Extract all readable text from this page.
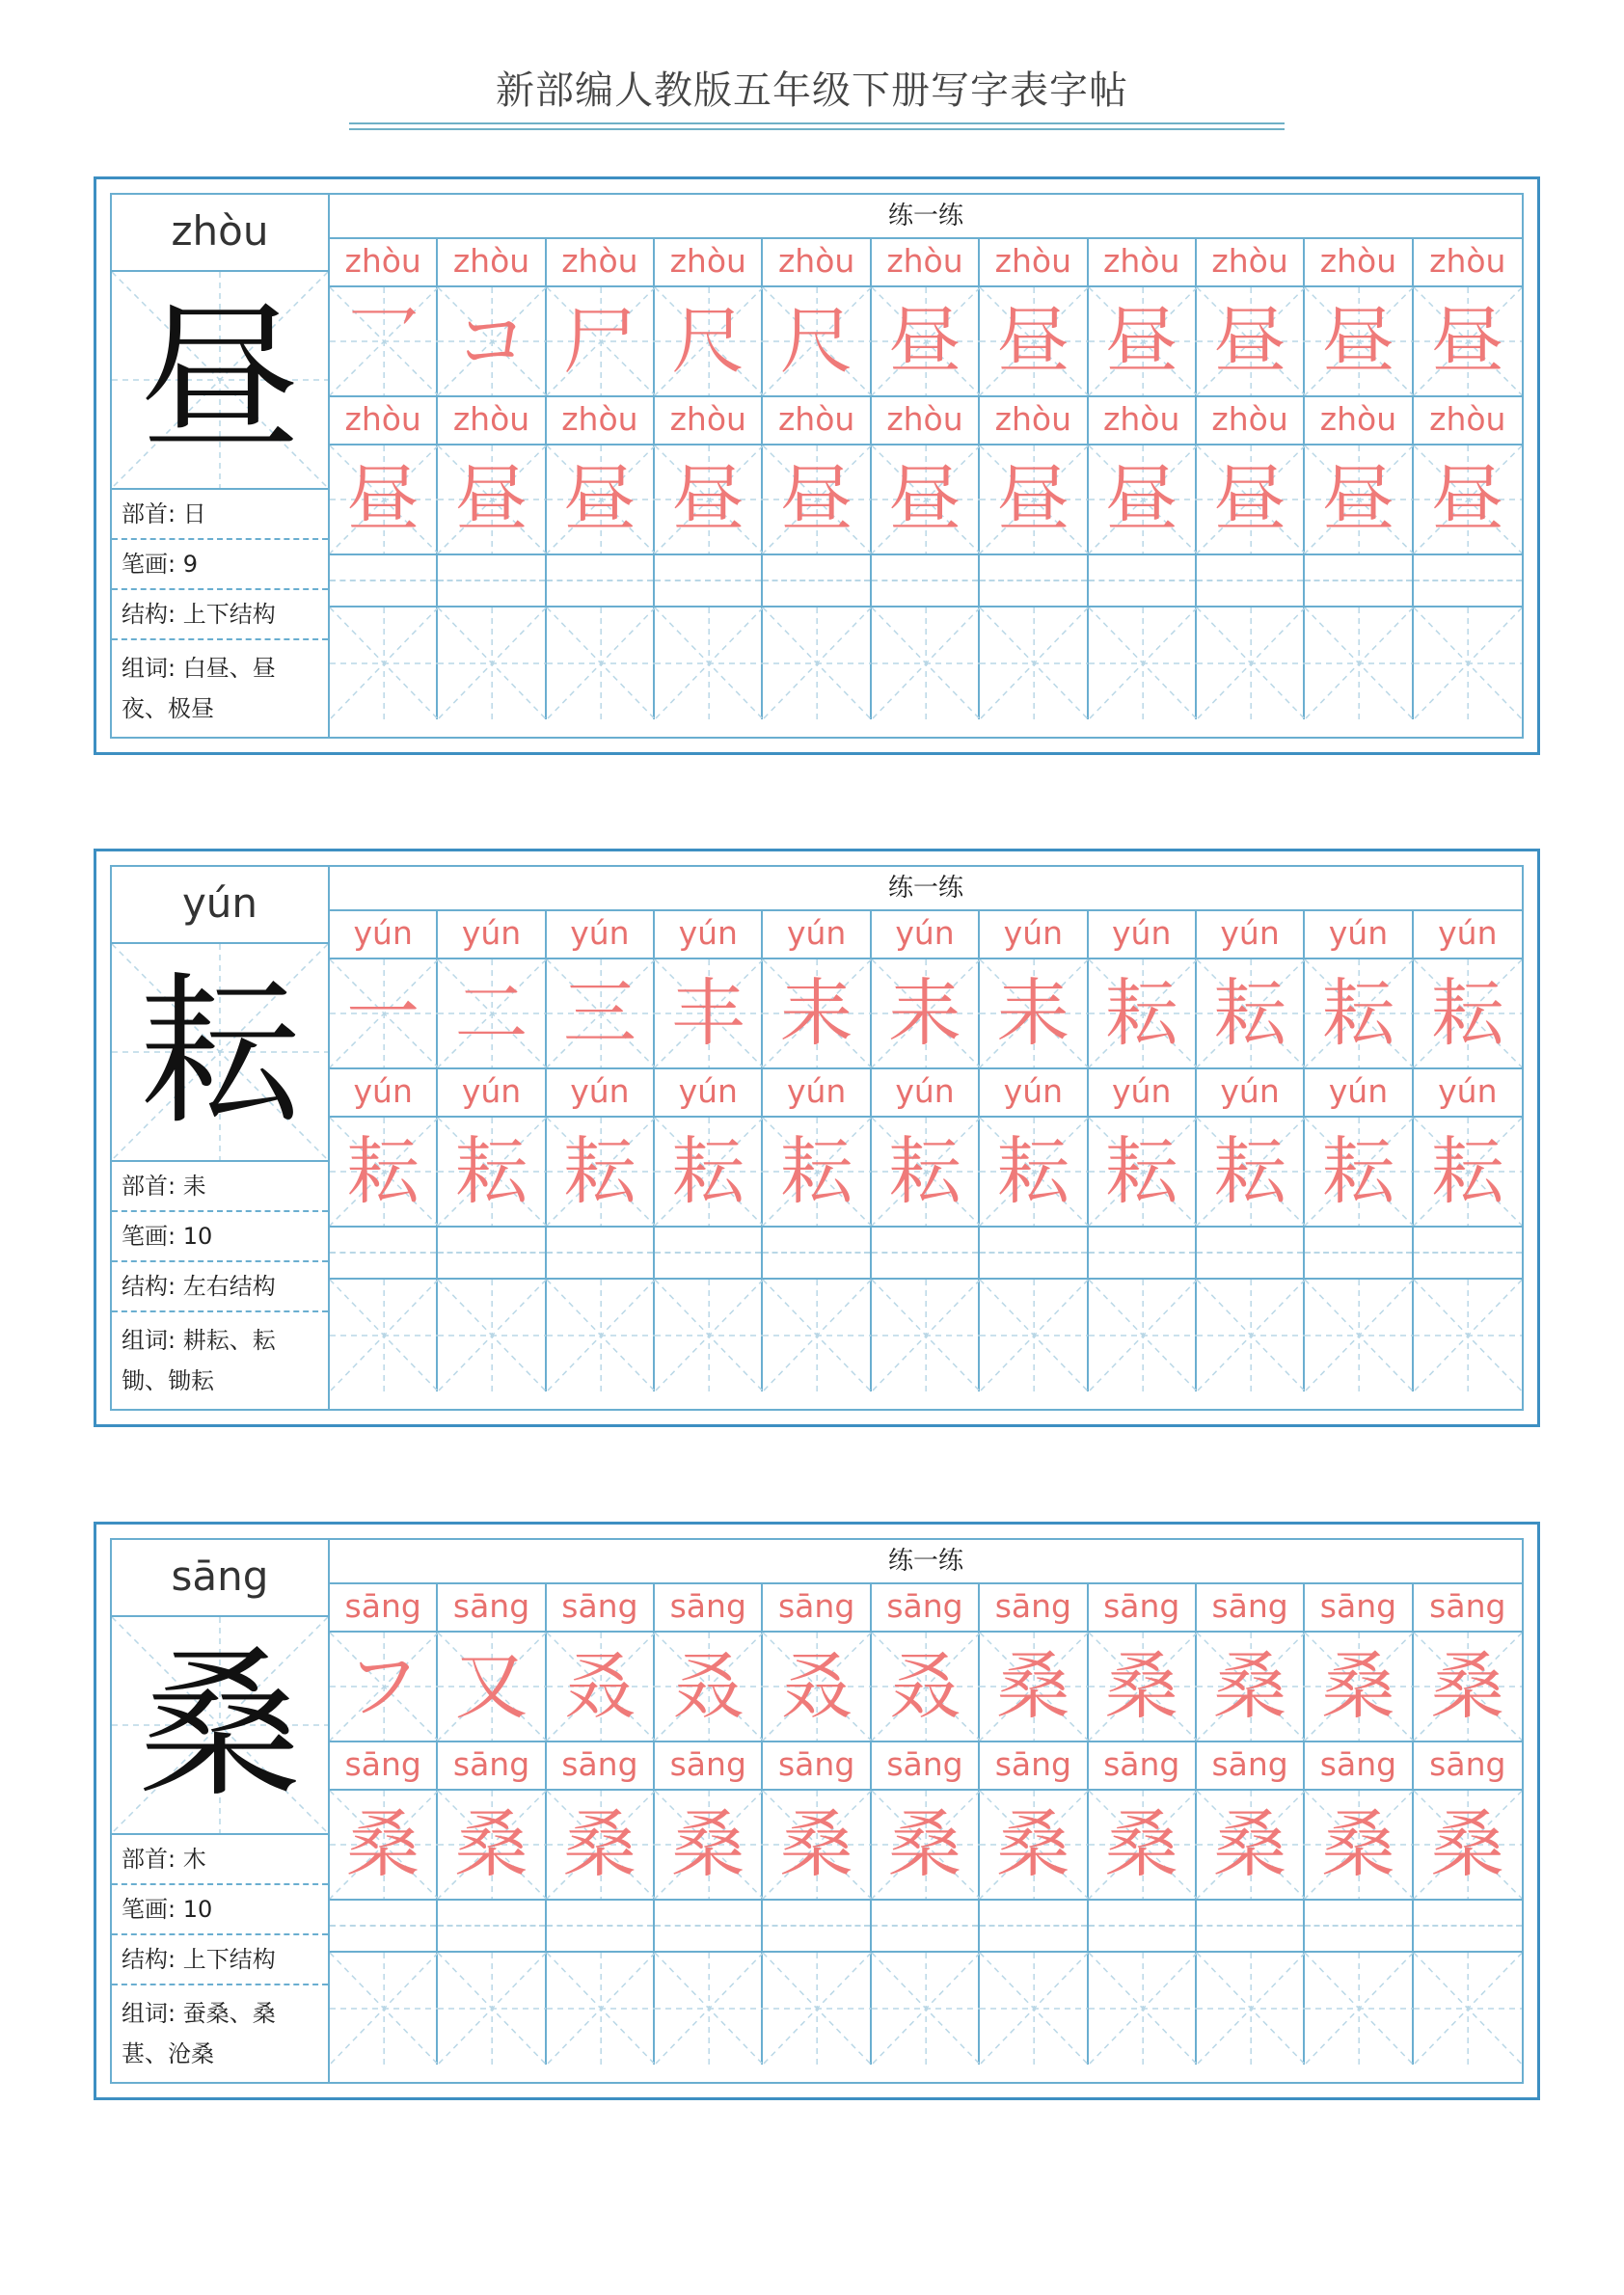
新部编人教版五年级下册写字表字帖
zhòu
昼
部首: 日
笔画: 9
结构: 上下结构
组词: 白昼、昼夜、极昼
练一练
zhòu	zhòu	zhòu	zhòu	zhòu	zhòu	zhòu	zhòu	zhòu	zhòu	zhòu
乛 コ 尸 尺 尺 昼 昼 昼 昼 昼 昼
zhòu	zhòu	zhòu	zhòu	zhòu	zhòu	zhòu	zhòu	zhòu	zhòu	zhòu
昼 昼 昼 昼 昼 昼 昼 昼 昼 昼 昼
yún
耘
部首: 耒
笔画: 10
结构: 左右结构
组词: 耕耘、耘锄、锄耘
练一练
yún	yún	yún	yún	yún	yún	yún	yún	yún	yún	yún
一 二 三 丰 耒 耒 耒 耘 耘 耘 耘
yún	yún	yún	yún	yún	yún	yún	yún	yún	yún	yún
耘 耘 耘 耘 耘 耘 耘 耘 耘 耘 耘
sāng
桑
部首: 木
笔画: 10
结构: 上下结构
组词: 蚕桑、桑葚、沧桑
练一练
sāng	sāng	sāng	sāng	sāng	sāng	sāng	sāng	sāng	sāng	sāng
フ 又 叒 叒 叒 叒 桑 桑 桑 桑 桑
sāng	sāng	sāng	sāng	sāng	sāng	sāng	sāng	sāng	sāng	sāng
桑 桑 桑 桑 桑 桑 桑 桑 桑 桑 桑
